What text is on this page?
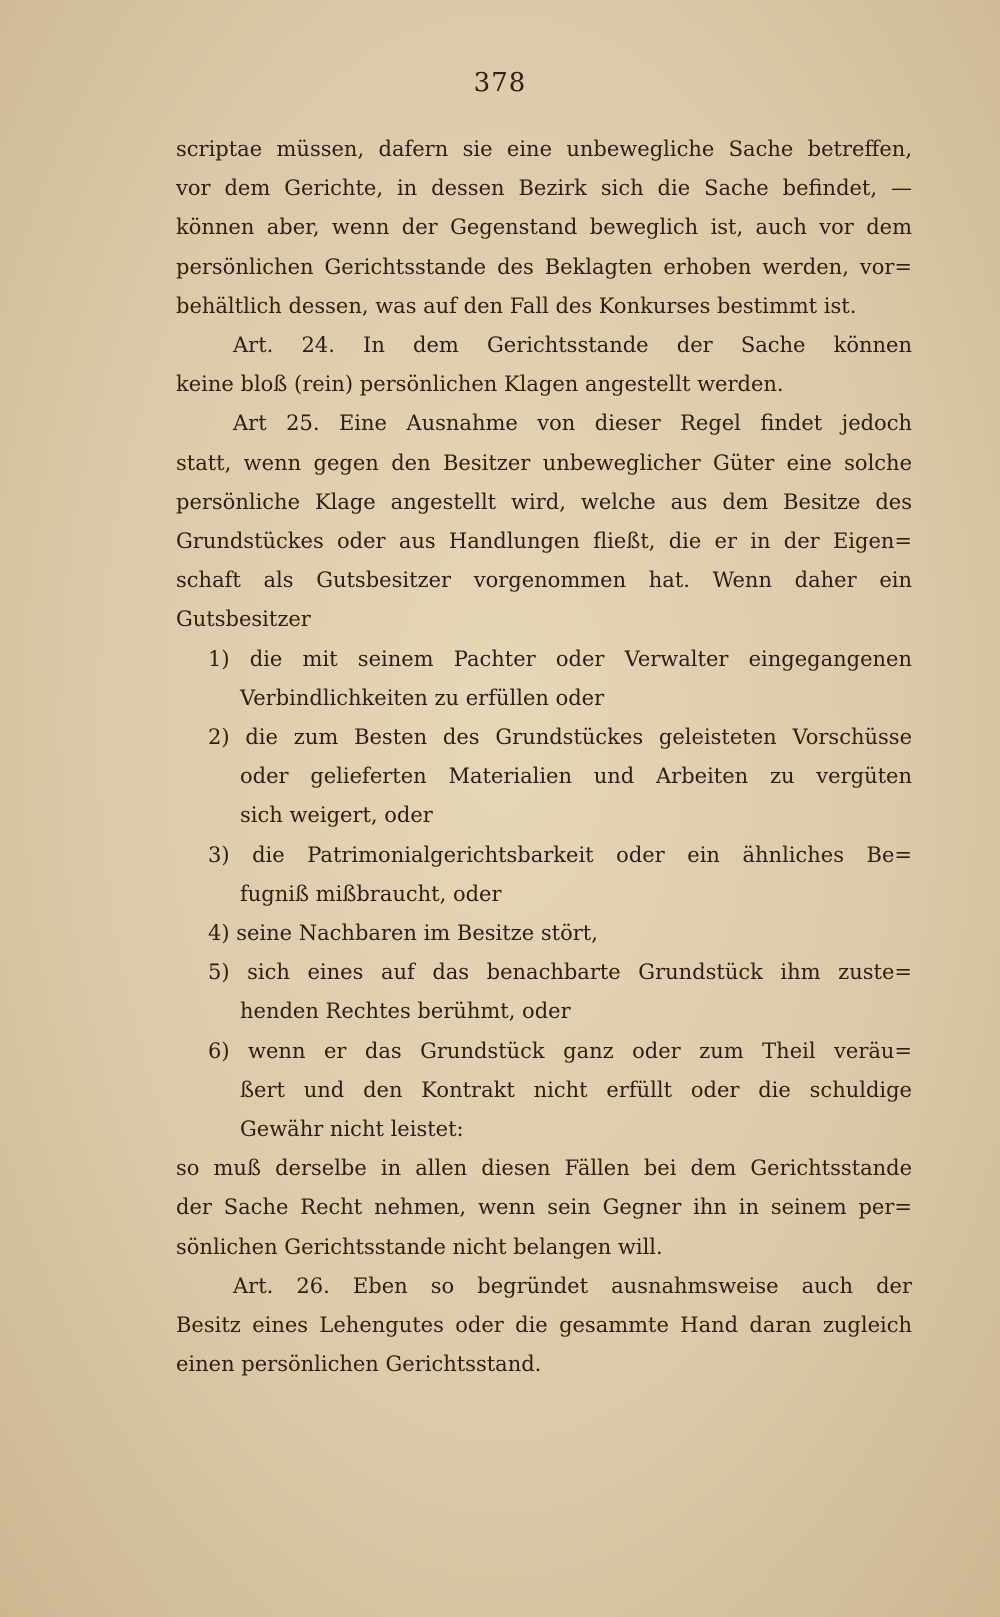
378
scriptae müssen, dafern sie eine unbewegliche Sache betreffen,
vor dem Gerichte, in dessen Bezirk sich die Sache befindet, —
können aber, wenn der Gegenstand beweglich ist, auch vor dem
persönlichen Gerichtsstande des Beklagten erhoben werden, vor=
behältlich dessen, was auf den Fall des Konkurses bestimmt ist.
Art. 24. In dem Gerichtsstande der Sache können
keine bloß (rein) persönlichen Klagen angestellt werden.
Art 25. Eine Ausnahme von dieser Regel findet jedoch
statt, wenn gegen den Besitzer unbeweglicher Güter eine solche
persönliche Klage angestellt wird, welche aus dem Besitze des
Grundstückes oder aus Handlungen fließt, die er in der Eigen=
schaft als Gutsbesitzer vorgenommen hat. Wenn daher ein
Gutsbesitzer
1) die mit seinem Pachter oder Verwalter eingegangenen
Verbindlichkeiten zu erfüllen oder
2) die zum Besten des Grundstückes geleisteten Vorschüsse
oder gelieferten Materialien und Arbeiten zu vergüten
sich weigert, oder
3) die Patrimonialgerichtsbarkeit oder ein ähnliches Be=
fugniß mißbraucht, oder
4) seine Nachbaren im Besitze stört,
5) sich eines auf das benachbarte Grundstück ihm zuste=
henden Rechtes berühmt, oder
6) wenn er das Grundstück ganz oder zum Theil veräu=
ßert und den Kontrakt nicht erfüllt oder die schuldige
Gewähr nicht leistet:
so muß derselbe in allen diesen Fällen bei dem Gerichtsstande
der Sache Recht nehmen, wenn sein Gegner ihn in seinem per=
sönlichen Gerichtsstande nicht belangen will.
Art. 26. Eben so begründet ausnahmsweise auch der
Besitz eines Lehengutes oder die gesammte Hand daran zugleich
einen persönlichen Gerichtsstand.
